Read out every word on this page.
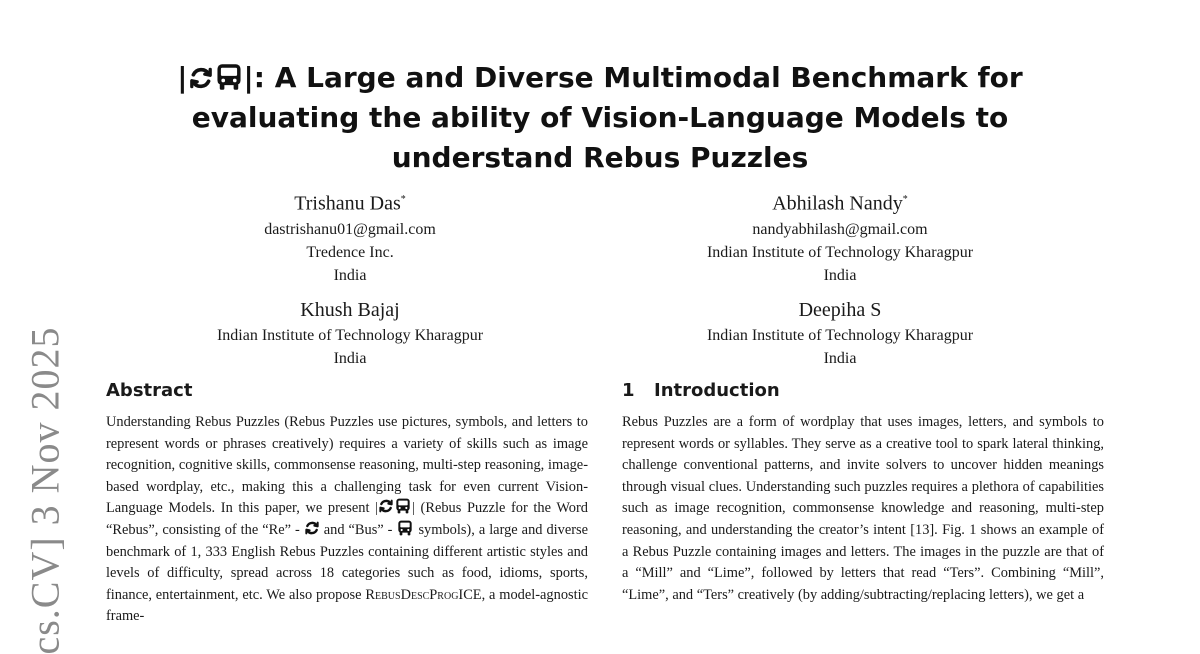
cs.CV] 3 Nov 2025
| |: A Large and Diverse Multimodal Benchmark for evaluating the ability of Vision-Language Models to understand Rebus Puzzles
Trishanu Das*
dastrishanu01@gmail.com
Tredence Inc.
India
Abhilash Nandy*
nandyabhilash@gmail.com
Indian Institute of Technology Kharagpur
India
Khush Bajaj
Indian Institute of Technology Kharagpur
India
Deepiha S
Indian Institute of Technology Kharagpur
India
Abstract

Understanding Rebus Puzzles (Rebus Puzzles use pictures, symbols, and letters to represent words or phrases creatively) requires a variety of skills such as image recognition, cognitive skills, commonsense reasoning, multi-step reasoning, image-based wordplay, etc., making this a challenging task for even current Vision-Language Models. In this paper, we present | | (Rebus Puzzle for the Word “Rebus”, consisting of the “Re” -  and “Bus” -  symbols), a large and diverse benchmark of 1, 333 English Rebus Puzzles containing different artistic styles and levels of difficulty, spread across 18 categories such as food, idioms, sports, finance, entertainment, etc. We also propose RebusDescProgICE, a model-agnostic frame-

1 Introduction

Rebus Puzzles are a form of wordplay that uses images, letters, and symbols to represent words or syllables. They serve as a creative tool to spark lateral thinking, challenge conventional patterns, and invite solvers to uncover hidden meanings through visual clues. Understanding such puzzles requires a plethora of capabilities such as image recognition, commonsense knowledge and reasoning, multi-step reasoning, and understanding the creator’s intent [13]. Fig. 1 shows an example of a Rebus Puzzle containing images and letters. The images in the puzzle are that of a “Mill” and “Lime”, followed by letters that read “Ters”. Combining “Mill”, “Lime”, and “Ters” creatively (by adding/subtracting/replacing letters), we get a
